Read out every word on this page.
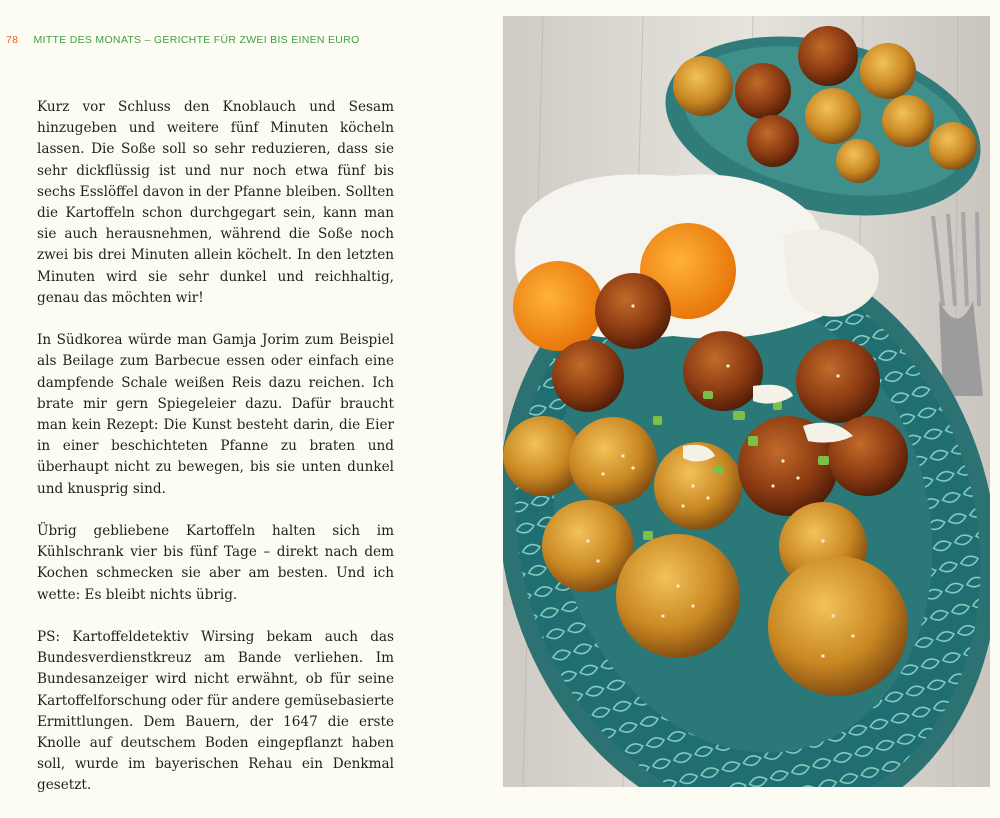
78 MITTE DES MONATS – GERICHTE FÜR ZWEI BIS EINEN EURO

Kurz vor Schluss den Knoblauch und Sesam hinzugeben und weitere fünf Minuten köcheln lassen. Die Soße soll so sehr reduzieren, dass sie sehr dickflüssig ist und nur noch etwa fünf bis sechs Esslöffel davon in der Pfanne bleiben. Sollten die Kartoffeln schon durchgegart sein, kann man sie auch herausnehmen, während die Soße noch zwei bis drei Minuten allein köchelt. In den letzten Minuten wird sie sehr dunkel und reichhaltig, genau das möchten wir!

In Südkorea würde man Gamja Jorim zum Beispiel als Beilage zum Barbecue essen oder einfach eine dampfende Schale weißen Reis dazu reichen. Ich brate mir gern Spiegeleier dazu. Dafür braucht man kein Rezept: Die Kunst besteht darin, die Eier in einer beschichteten Pfanne zu braten und überhaupt nicht zu bewegen, bis sie unten dunkel und knusprig sind.

Übrig gebliebene Kartoffeln halten sich im Kühlschrank vier bis fünf Tage – direkt nach dem Kochen schmecken sie aber am besten. Und ich wette: Es bleibt nichts übrig.

PS: Kartoffeldetektiv Wirsing bekam auch das Bundesverdienstkreuz am Bande verliehen. Im Bundesanzeiger wird nicht erwähnt, ob für seine Kartoffelforschung oder für andere gemüsebasierte Ermittlungen. Dem Bauern, der 1647 die erste Knolle auf deutschem Boden eingepflanzt haben soll, wurde im bayerischen Rehau ein Denkmal gesetzt.
